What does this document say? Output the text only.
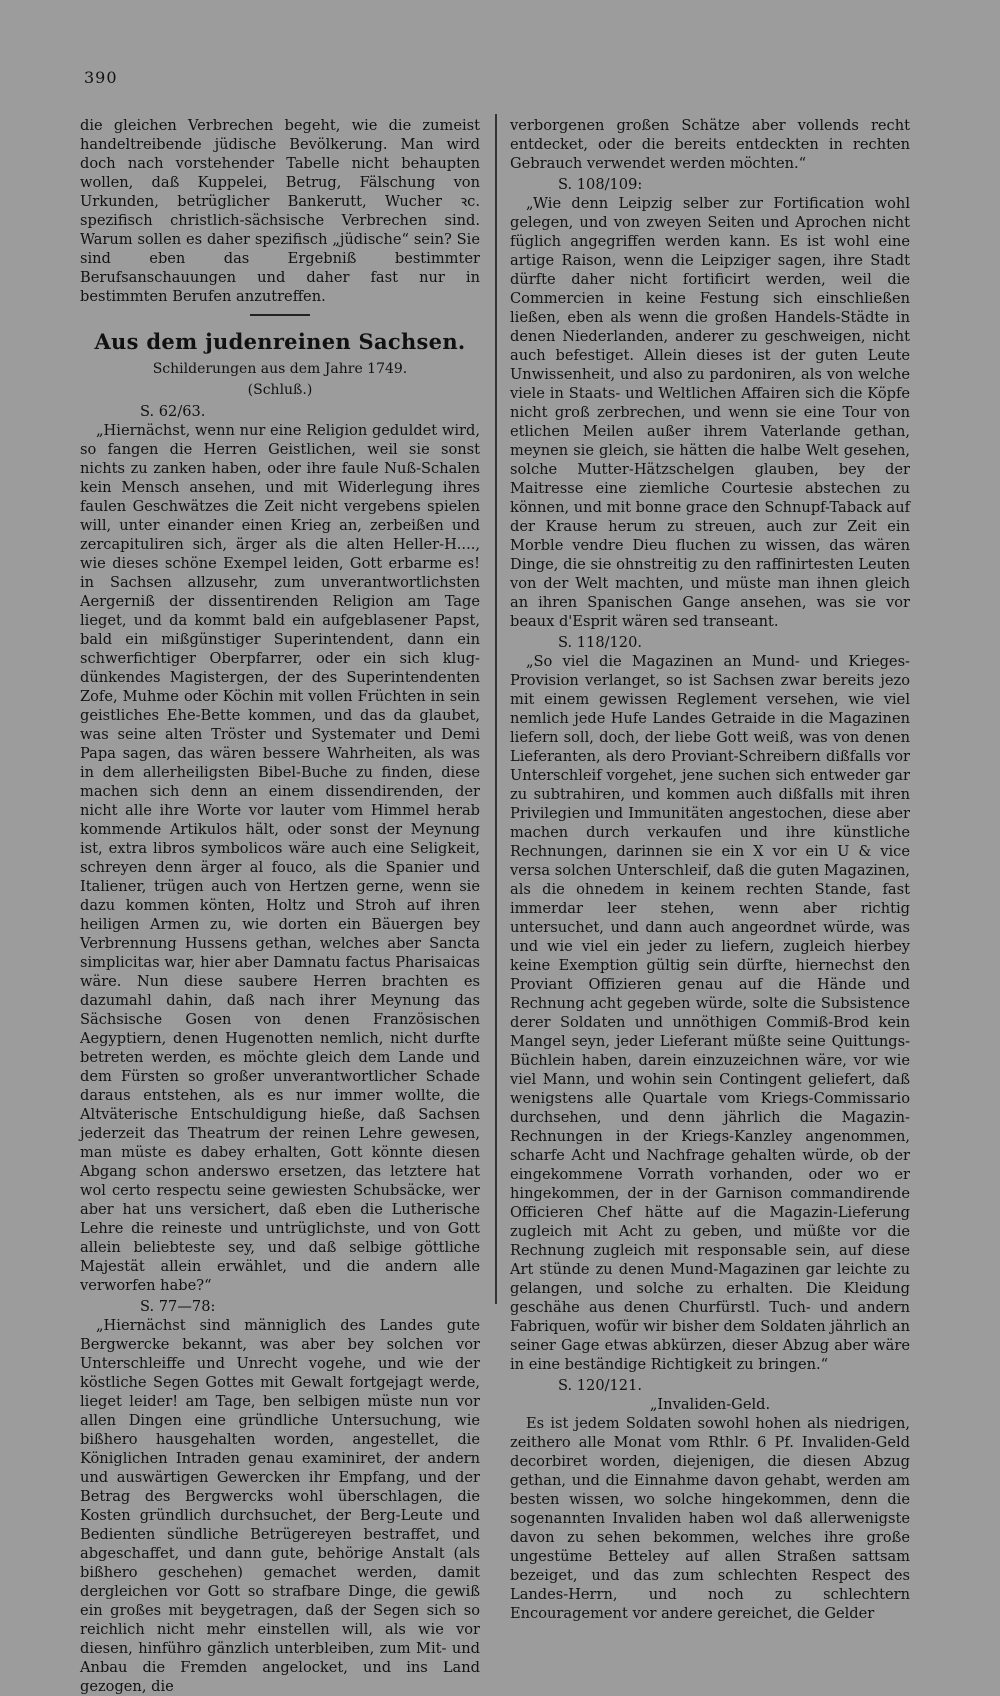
390

die gleichen Verbrechen begeht, wie die zumeist handeltreibende jüdische Bevölkerung. Man wird doch nach vorstehender Tabelle nicht behaupten wollen, daß Kuppelei, Betrug, Fälschung von Urkunden, betrüglicher Bankerutt, Wucher ꝛc. spezifisch christlich-sächsische Verbrechen sind. Warum sollen es daher spezifisch „jüdische“ sein? Sie sind eben das Ergebniß bestimmter Berufsanschauungen und daher fast nur in bestimmten Berufen anzutreffen.

Aus dem judenreinen Sachsen.
Schilderungen aus dem Jahre 1749.
(Schluß.)
S. 62/63.

„Hiernächst, wenn nur eine Religion geduldet wird, so fangen die Herren Geistlichen, weil sie sonst nichts zu zanken haben, oder ihre faule Nuß-Schalen kein Mensch ansehen, und mit Widerlegung ihres faulen Geschwätzes die Zeit nicht vergebens spielen will, unter einander einen Krieg an, zerbeißen und zercapituliren sich, ärger als die alten Heller-H...., wie dieses schöne Exempel leiden, Gott erbarme es! in Sachsen allzusehr, zum unverantwortlichsten Aergerniß der dissentirenden Religion am Tage lieget, und da kommt bald ein aufgeblasener Papst, bald ein mißgünstiger Superintendent, dann ein schwerfichtiger Oberpfarrer, oder ein sich klug-dünkendes Magistergen, der des Superintendenten Zofe, Muhme oder Köchin mit vollen Früchten in sein geistliches Ehe-Bette kommen, und das da glaubet, was seine alten Tröster und Systemater und Demi Papa sagen, das wären bessere Wahrheiten, als was in dem allerheiligsten Bibel-Buche zu finden, diese machen sich denn an einem dissendirenden, der nicht alle ihre Worte vor lauter vom Himmel herab kommende Artikulos hält, oder sonst der Meynung ist, extra libros symbolicos wäre auch eine Seligkeit, schreyen denn ärger al fouco, als die Spanier und Italiener, trügen auch von Hertzen gerne, wenn sie dazu kommen könten, Holtz und Stroh auf ihren heiligen Armen zu, wie dorten ein Bäuergen bey Verbrennung Hussens gethan, welches aber Sancta simplicitas war, hier aber Damnatu factus Pharisaicas wäre. Nun diese saubere Herren brachten es dazumahl dahin, daß nach ihrer Meynung das Sächsische Gosen von denen Französischen Aegyptiern, denen Hugenotten nemlich, nicht durfte betreten werden, es möchte gleich dem Lande und dem Fürsten so großer unverantwortlicher Schade daraus entstehen, als es nur immer wollte, die Altväterische Entschuldigung hieße, daß Sachsen jederzeit das Theatrum der reinen Lehre gewesen, man müste es dabey erhalten, Gott könnte diesen Abgang schon anderswo ersetzen, das letztere hat wol certo respectu seine gewiesten Schubsäcke, wer aber hat uns versichert, daß eben die Lutherische Lehre die reineste und untrüglichste, und von Gott allein beliebteste sey, und daß selbige göttliche Majestät allein erwählet, und die andern alle verworfen habe?“

S. 77—78:

„Hiernächst sind männiglich des Landes gute Bergwercke bekannt, was aber bey solchen vor Unterschleiffe und Unrecht vogehe, und wie der köstliche Segen Gottes mit Gewalt fortgejagt werde, lieget leider! am Tage, ben selbigen müste nun vor allen Dingen eine gründliche Untersuchung, wie bißhero hausgehalten worden, angestellet, die Königlichen Intraden genau examiniret, der andern und auswärtigen Gewercken ihr Empfang, und der Betrag des Bergwercks wohl überschlagen, die Kosten gründlich durchsuchet, der Berg-Leute und Bedienten sündliche Betrügereyen bestraffet, und abgeschaffet, und dann gute, behörige Anstalt (als bißhero geschehen) gemachet werden, damit dergleichen vor Gott so strafbare Dinge, die gewiß ein großes mit beygetragen, daß der Segen sich so reichlich nicht mehr einstellen will, als wie vor diesen, hinführo gänzlich unterbleiben, zum Mit- und Anbau die Fremden angelocket, und ins Land gezogen, die

verborgenen großen Schätze aber vollends recht entdecket, oder die bereits entdeckten in rechten Gebrauch verwendet werden möchten.“

S. 108/109:

„Wie denn Leipzig selber zur Fortification wohl gelegen, und von zweyen Seiten und Aprochen nicht füglich angegriffen werden kann. Es ist wohl eine artige Raison, wenn die Leipziger sagen, ihre Stadt dürfte daher nicht fortificirt werden, weil die Commercien in keine Festung sich einschließen ließen, eben als wenn die großen Handels-Städte in denen Niederlanden, anderer zu geschweigen, nicht auch befestiget. Allein dieses ist der guten Leute Unwissenheit, und also zu pardoniren, als von welche viele in Staats- und Weltlichen Affairen sich die Köpfe nicht groß zerbrechen, und wenn sie eine Tour von etlichen Meilen außer ihrem Vaterlande gethan, meynen sie gleich, sie hätten die halbe Welt gesehen, solche Mutter-Hätzschelgen glauben, bey der Maitresse eine ziemliche Courtesie abstechen zu können, und mit bonne grace den Schnupf-Taback auf der Krause herum zu streuen, auch zur Zeit ein Morble vendre Dieu fluchen zu wissen, das wären Dinge, die sie ohnstreitig zu den raffinirtesten Leuten von der Welt machten, und müste man ihnen gleich an ihren Spanischen Gange ansehen, was sie vor beaux d'Esprit wären sed transeant.

S. 118/120.

„So viel die Magazinen an Mund- und Krieges-Provision verlanget, so ist Sachsen zwar bereits jezo mit einem gewissen Reglement versehen, wie viel nemlich jede Hufe Landes Getraide in die Magazinen liefern soll, doch, der liebe Gott weiß, was von denen Lieferanten, als dero Proviant-Schreibern dißfalls vor Unterschleif vorgehet, jene suchen sich entweder gar zu subtrahiren, und kommen auch dißfalls mit ihren Privilegien und Immunitäten angestochen, diese aber machen durch verkaufen und ihre künstliche Rechnungen, darinnen sie ein X vor ein U & vice versa solchen Unterschleif, daß die guten Magazinen, als die ohnedem in keinem rechten Stande, fast immerdar leer stehen, wenn aber richtig untersuchet, und dann auch angeordnet würde, was und wie viel ein jeder zu liefern, zugleich hierbey keine Exemption gültig sein dürfte, hiernechst den Proviant Offizieren genau auf die Hände und Rechnung acht gegeben würde, solte die Subsistence derer Soldaten und unnöthigen Commiß-Brod kein Mangel seyn, jeder Lieferant müßte seine Quittungs-Büchlein haben, darein einzuzeichnen wäre, vor wie viel Mann, und wohin sein Contingent geliefert, daß wenigstens alle Quartale vom Kriegs-Commissario durchsehen, und denn jährlich die Magazin-Rechnungen in der Kriegs-Kanzley angenommen, scharfe Acht und Nachfrage gehalten würde, ob der eingekommene Vorrath vorhanden, oder wo er hingekommen, der in der Garnison commandirende Officieren Chef hätte auf die Magazin-Lieferung zugleich mit Acht zu geben, und müßte vor die Rechnung zugleich mit responsable sein, auf diese Art stünde zu denen Mund-Magazinen gar leichte zu gelangen, und solche zu erhalten. Die Kleidung geschähe aus denen Churfürstl. Tuch- und andern Fabriquen, wofür wir bisher dem Soldaten jährlich an seiner Gage etwas abkürzen, dieser Abzug aber wäre in eine beständige Richtigkeit zu bringen.“

S. 120/121.
„Invaliden-Geld.

Es ist jedem Soldaten sowohl hohen als niedrigen, zeithero alle Monat vom Rthlr. 6 Pf. Invaliden-Geld decorbiret worden, diejenigen, die diesen Abzug gethan, und die Einnahme davon gehabt, werden am besten wissen, wo solche hingekommen, denn die sogenannten Invaliden haben wol daß allerwenigste davon zu sehen bekommen, welches ihre große ungestüme Betteley auf allen Straßen sattsam bezeiget, und das zum schlechten Respect des Landes-Herrn, und noch zu schlechtern Encouragement vor andere gereichet, die Gelder
